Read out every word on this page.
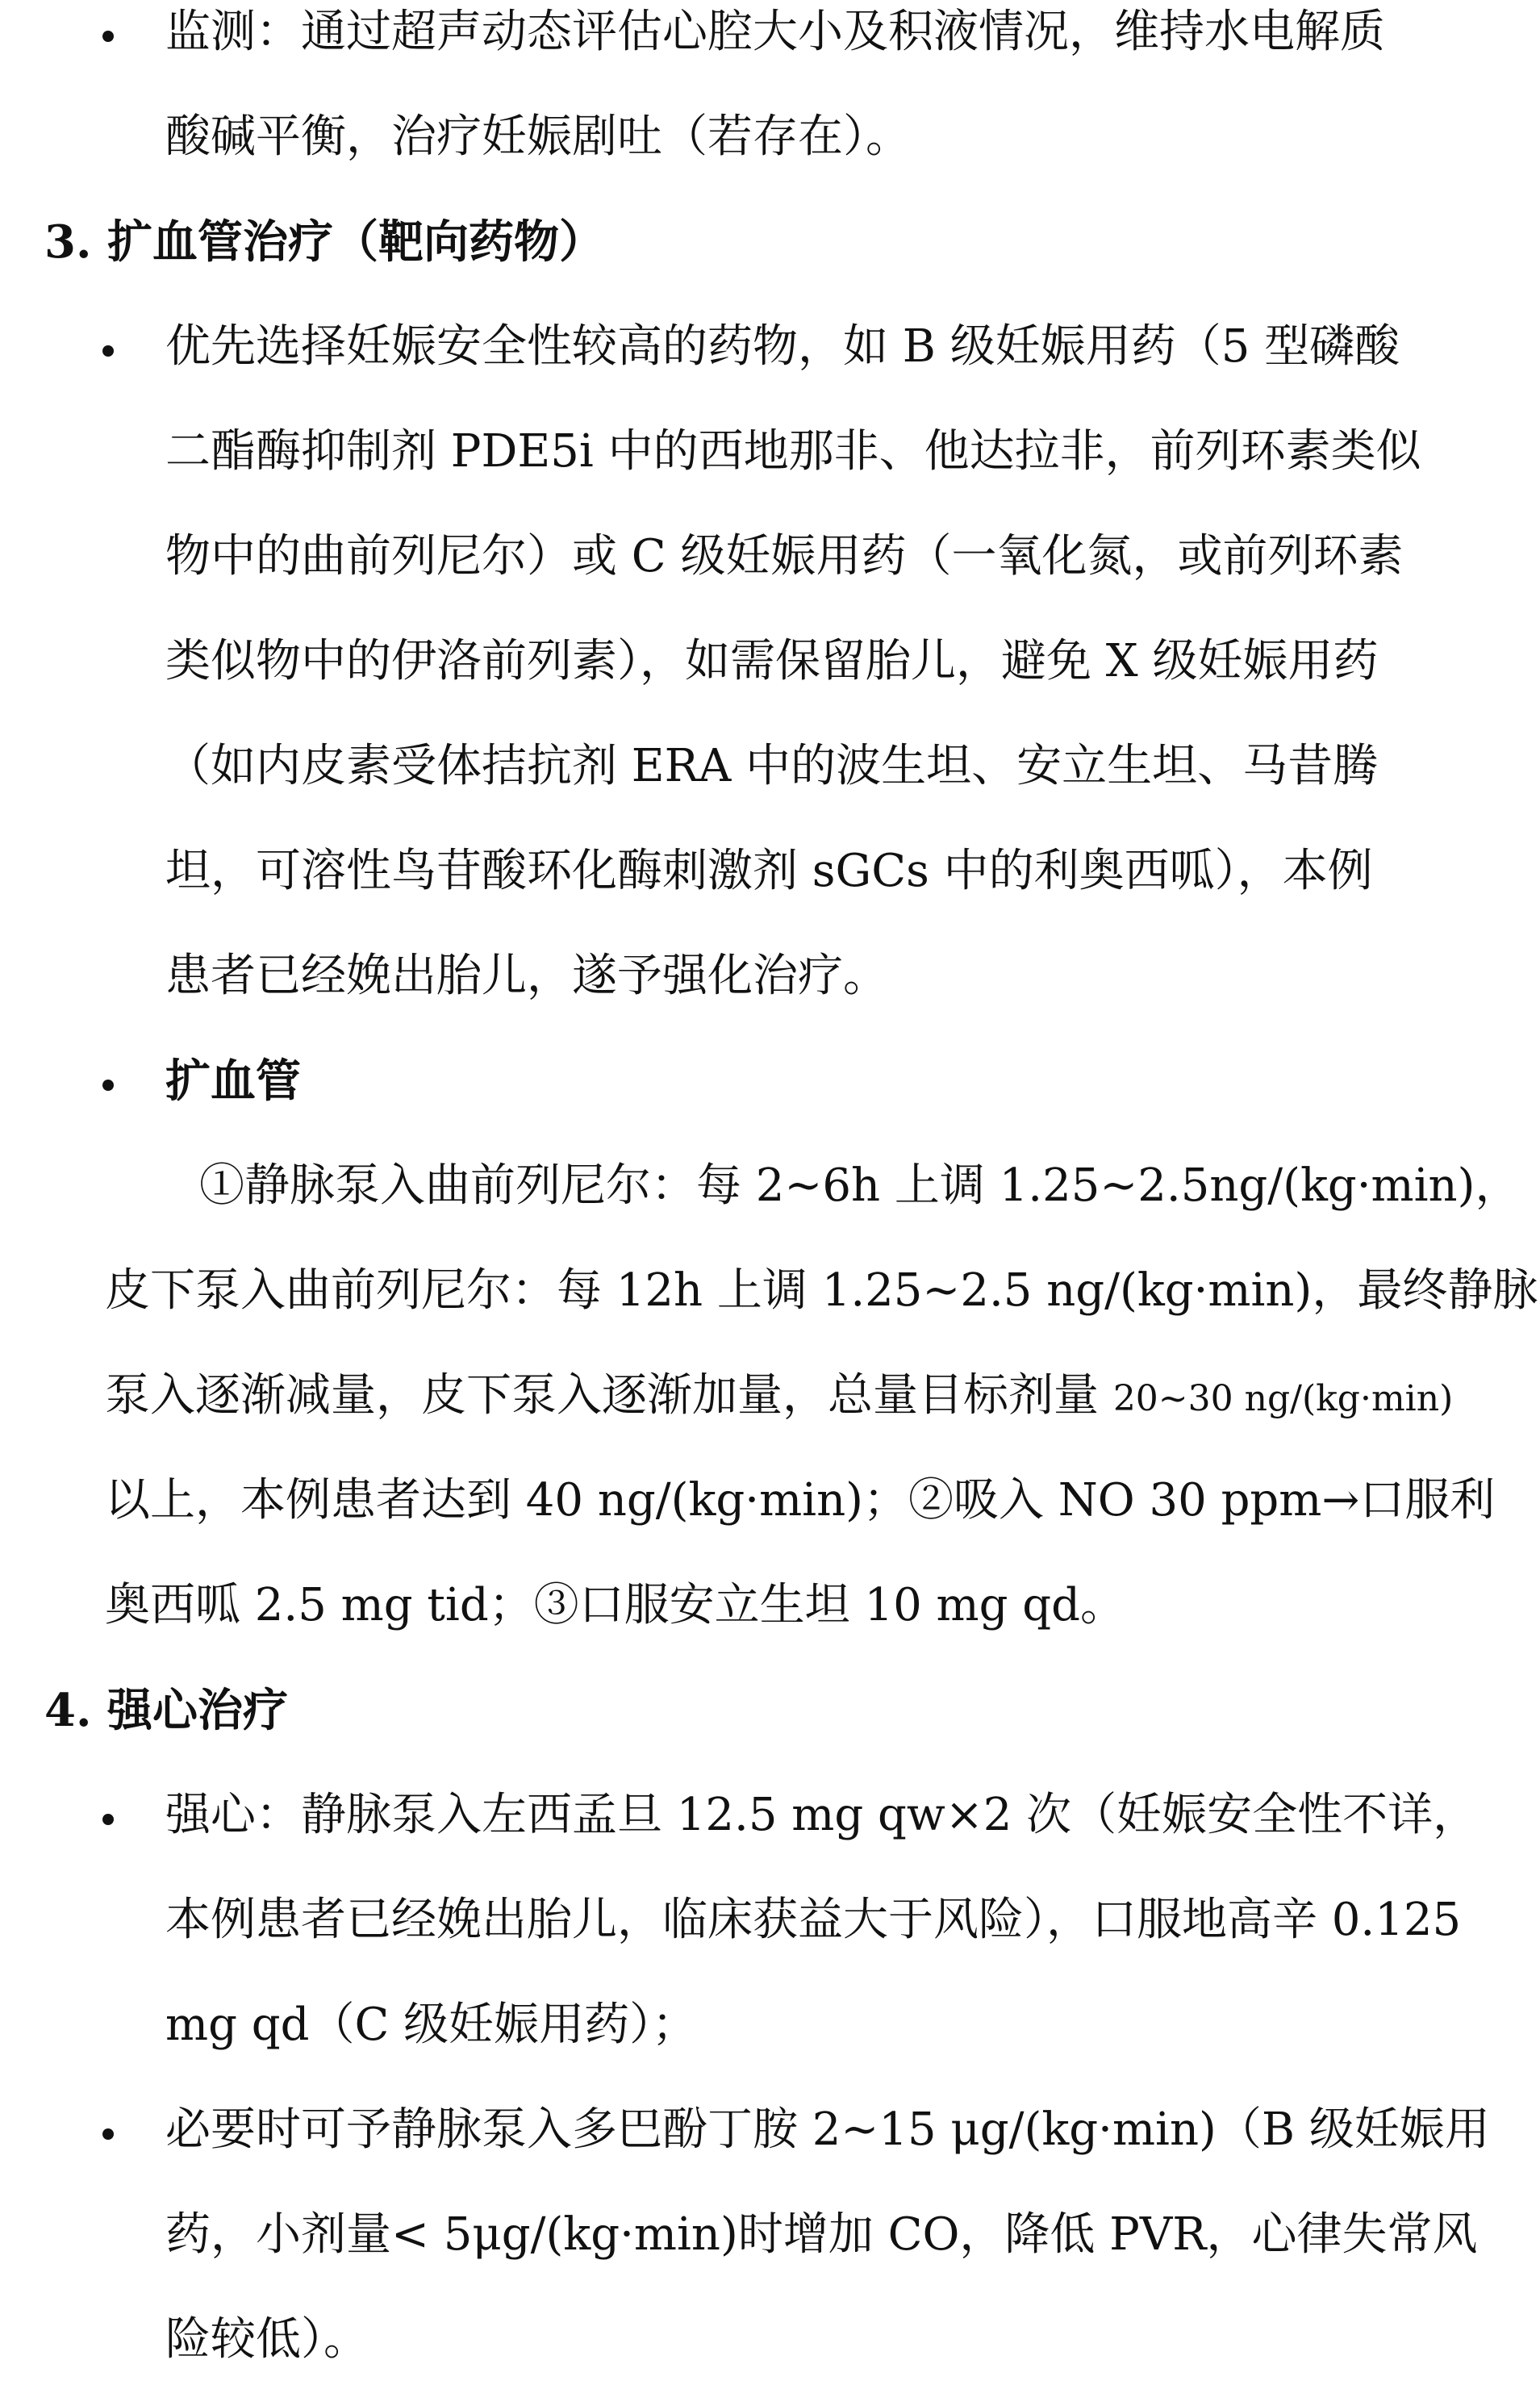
监测：通过超声动态评估心腔大小及积液情况，维持水电解质
酸碱平衡，治疗妊娠剧吐（若存在）。
3. 扩血管治疗（靶向药物）
优先选择妊娠安全性较高的药物，如 B 级妊娠用药（5 型磷酸
二酯酶抑制剂 PDE5i 中的西地那非、他达拉非，前列环素类似
物中的曲前列尼尔）或 C 级妊娠用药（一氧化氮，或前列环素
类似物中的伊洛前列素），如需保留胎儿，避免 X 级妊娠用药
（如内皮素受体拮抗剂 ERA 中的波生坦、安立生坦、马昔腾
坦，可溶性鸟苷酸环化酶刺激剂 sGCs 中的利奥西呱），本例
患者已经娩出胎儿，遂予强化治疗。
扩血管
①静脉泵入曲前列尼尔：每 2~6h 上调 1.25~2.5ng/(kg·min)，
皮下泵入曲前列尼尔：每 12h 上调 1.25~2.5 ng/(kg·min)，最终静脉
泵入逐渐减量，皮下泵入逐渐加量，总量目标剂量 20~30 ng/(kg·min)
以上，本例患者达到 40 ng/(kg·min)；②吸入 NO 30 ppm→口服利
奥西呱 2.5 mg tid；③口服安立生坦 10 mg qd。
4. 强心治疗
强心：静脉泵入左西孟旦 12.5 mg qw×2 次（妊娠安全性不详，
本例患者已经娩出胎儿，临床获益大于风险），口服地高辛 0.125
mg qd（C 级妊娠用药）；
必要时可予静脉泵入多巴酚丁胺 2~15 μg/(kg·min)（B 级妊娠用
药，小剂量< 5μg/(kg·min)时增加 CO，降低 PVR，心律失常风
险较低）。
